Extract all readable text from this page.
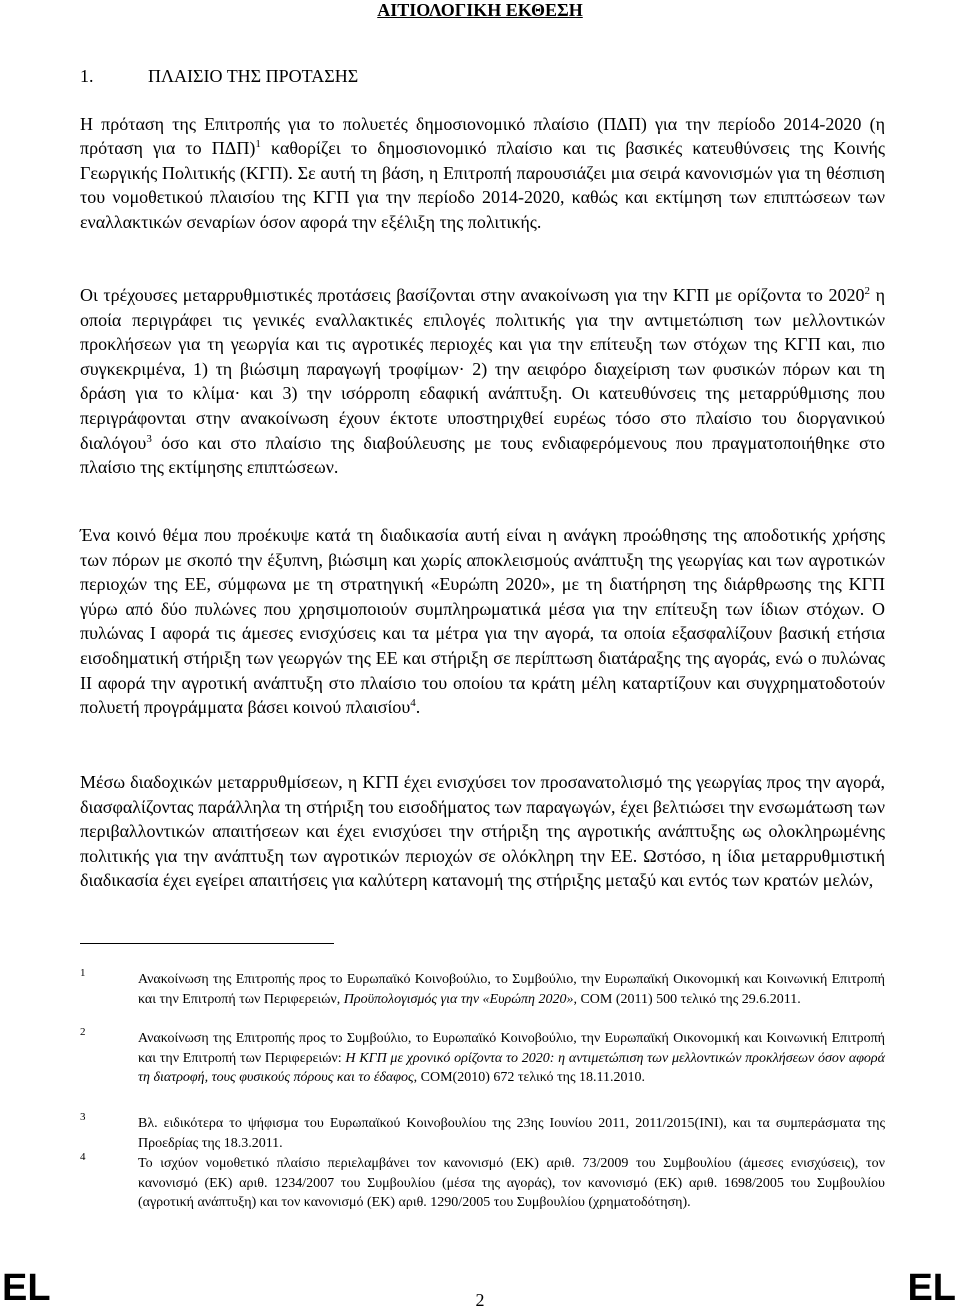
ΑΙΤΙΟΛΟΓΙΚΗ ΕΚΘΕΣΗ
1.	ΠΛΑΙΣΙΟ ΤΗΣ ΠΡΟΤΑΣΗΣ

Η πρόταση της Επιτροπής για το πολυετές δημοσιονομικό πλαίσιο (ΠΔΠ) για την περίοδο 2014-2020 (η πρόταση για το ΠΔΠ)$^1$ καθορίζει το δημοσιονομικό πλαίσιο και τις βασικές κατευθύνσεις της Κοινής Γεωργικής Πολιτικής (ΚΓΠ). Σε αυτή τη βάση, η Επιτροπή παρουσιάζει μια σειρά κανονισμών για τη θέσπιση του νομοθετικού πλαισίου της ΚΓΠ για την περίοδο 2014-2020, καθώς και εκτίμηση των επιπτώσεων των εναλλακτικών σεναρίων όσον αφορά την εξέλιξη της πολιτικής.

Οι τρέχουσες μεταρρυθμιστικές προτάσεις βασίζονται στην ανακοίνωση για την ΚΓΠ με ορίζοντα το 2020$^2$ η οποία περιγράφει τις γενικές εναλλακτικές επιλογές πολιτικής για την αντιμετώπιση των μελλοντικών προκλήσεων για τη γεωργία και τις αγροτικές περιοχές και για την επίτευξη των στόχων της ΚΓΠ και, πιο συγκεκριμένα, 1) τη βιώσιμη παραγωγή τροφίμων· 2) την αειφόρο διαχείριση των φυσικών πόρων και τη δράση για το κλίμα· και 3) την ισόρροπη εδαφική ανάπτυξη. Οι κατευθύνσεις της μεταρρύθμισης που περιγράφονται στην ανακοίνωση έχουν έκτοτε υποστηριχθεί ευρέως τόσο στο πλαίσιο του διοργανικού διαλόγου$^3$ όσο και στο πλαίσιο της διαβούλευσης με τους ενδιαφερόμενους που πραγματοποιήθηκε στο πλαίσιο της εκτίμησης επιπτώσεων.

Ένα κοινό θέμα που προέκυψε κατά τη διαδικασία αυτή είναι η ανάγκη προώθησης της αποδοτικής χρήσης των πόρων με σκοπό την έξυπνη, βιώσιμη και χωρίς αποκλεισμούς ανάπτυξη της γεωργίας και των αγροτικών περιοχών της ΕΕ, σύμφωνα με τη στρατηγική «Ευρώπη 2020», με τη διατήρηση της διάρθρωσης της ΚΓΠ γύρω από δύο πυλώνες που χρησιμοποιούν συμπληρωματικά μέσα για την επίτευξη των ίδιων στόχων. Ο πυλώνας I αφορά τις άμεσες ενισχύσεις και τα μέτρα για την αγορά, τα οποία εξασφαλίζουν βασική ετήσια εισοδηματική στήριξη των γεωργών της ΕΕ και στήριξη σε περίπτωση διατάραξης της αγοράς, ενώ ο πυλώνας II αφορά την αγροτική ανάπτυξη στο πλαίσιο του οποίου τα κράτη μέλη καταρτίζουν και συγχρηματοδοτούν πολυετή προγράμματα βάσει κοινού πλαισίου$^4$.

Μέσω διαδοχικών μεταρρυθμίσεων, η ΚΓΠ έχει ενισχύσει τον προσανατολισμό της γεωργίας προς την αγορά, διασφαλίζοντας παράλληλα τη στήριξη του εισοδήματος των παραγωγών, έχει βελτιώσει την ενσωμάτωση των περιβαλλοντικών απαιτήσεων και έχει ενισχύσει την στήριξη της αγροτικής ανάπτυξης ως ολοκληρωμένης πολιτικής για την ανάπτυξη των αγροτικών περιοχών σε ολόκληρη την ΕΕ. Ωστόσο, η ίδια μεταρρυθμιστική διαδικασία έχει εγείρει απαιτήσεις για καλύτερη κατανομή της στήριξης μεταξύ και εντός των κρατών μελών,

1	Ανακοίνωση της Επιτροπής προς το Ευρωπαϊκό Κοινοβούλιο, το Συμβούλιο, την Ευρωπαϊκή Οικονομική και Κοινωνική Επιτροπή και την Επιτροπή των Περιφερειών, Προϋπολογισμός για την «Ευρώπη 2020», COM (2011) 500 τελικό της 29.6.2011.
2	Ανακοίνωση της Επιτροπής προς το Συμβούλιο, το Ευρωπαϊκό Κοινοβούλιο, την Ευρωπαϊκή Οικονομική και Κοινωνική Επιτροπή και την Επιτροπή των Περιφερειών: Η ΚΓΠ με χρονικό ορίζοντα το 2020: η αντιμετώπιση των μελλοντικών προκλήσεων όσον αφορά τη διατροφή, τους φυσικούς πόρους και το έδαφος, COM(2010) 672 τελικό της 18.11.2010.
3	Βλ. ειδικότερα το ψήφισμα του Ευρωπαϊκού Κοινοβουλίου της 23ης Ιουνίου 2011, 2011/2015(INI), και τα συμπεράσματα της Προεδρίας της 18.3.2011.
4	Το ισχύον νομοθετικό πλαίσιο περιελαμβάνει τον κανονισμό (ΕΚ) αριθ. 73/2009 του Συμβουλίου (άμεσες ενισχύσεις), τον κανονισμό (ΕΚ) αριθ. 1234/2007 του Συμβουλίου (μέσα της αγοράς), τον κανονισμό (ΕΚ) αριθ. 1698/2005 του Συμβουλίου (αγροτική ανάπτυξη) και τον κανονισμό (ΕΚ) αριθ. 1290/2005 του Συμβουλίου (χρηματοδότηση).
EL	2	EL
